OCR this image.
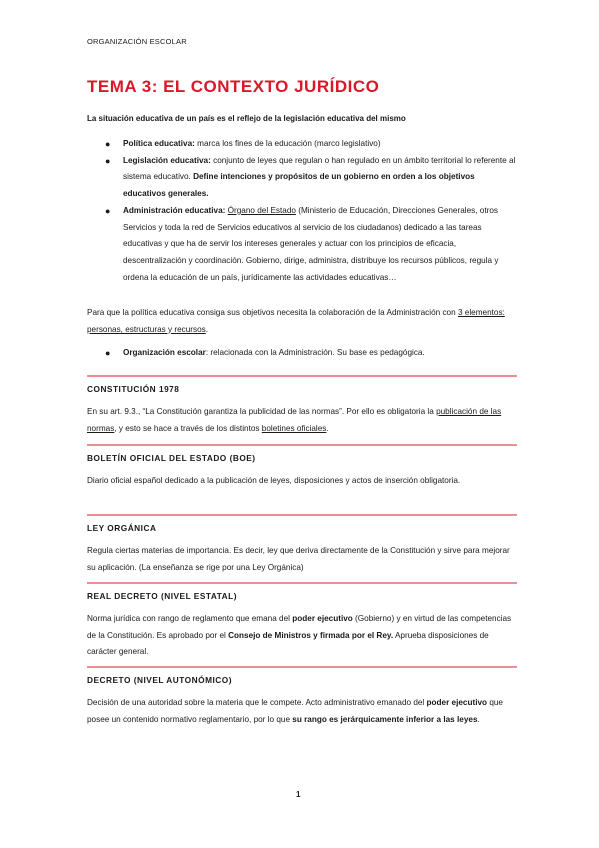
ORGANIZACIÓN ESCOLAR
TEMA 3: EL CONTEXTO JURÍDICO
La situación educativa de un país es el reflejo de la legislación educativa del mismo
● Política educativa: marca los fines de la educación (marco legislativo)
● Legislación educativa: conjunto de leyes que regulan o han regulado en un ámbito territorial lo referente al sistema educativo. Define intenciones y propósitos de un gobierno en orden a los objetivos educativos generales.
● Administración educativa: Órgano del Estado (Ministerio de Educación, Direcciones Generales, otros Servicios y toda la red de Servicios educativos al servicio de los ciudadanos) dedicado a las tareas educativas y que ha de servir los intereses generales y actuar con los principios de eficacia, descentralización y coordinación. Gobierno, dirige, administra, distribuye los recursos públicos, regula y ordena la educación de un país, jurídicamente las actividades educativas…
Para que la política educativa consiga sus objetivos necesita la colaboración de la Administración con 3 elementos: personas, estructuras y recursos.
● Organización escolar: relacionada con la Administración. Su base es pedagógica.
CONSTITUCIÓN 1978
En su art. 9.3., “La Constitución garantiza la publicidad de las normas”. Por ello es obligatoria la publicación de las normas, y esto se hace a través de los distintos boletines oficiales.
BOLETÍN OFICIAL DEL ESTADO (BOE)
Diario oficial español dedicado a la publicación de leyes, disposiciones y actos de inserción obligatoria.
LEY ORGÁNICA
Regula ciertas materias de importancia. Es decir, ley que deriva directamente de la Constitución y sirve para mejorar su aplicación. (La enseñanza se rige por una Ley Orgánica)
REAL DECRETO (NIVEL ESTATAL)
Norma jurídica con rango de reglamento que emana del poder ejecutivo (Gobierno) y en virtud de las competencias de la Constitución. Es aprobado por el Consejo de Ministros y firmada por el Rey. Aprueba disposiciones de carácter general.
DECRETO (NIVEL AUTONÓMICO)
Decisión de una autoridad sobre la materia que le compete. Acto administrativo emanado del poder ejecutivo que posee un contenido normativo reglamentario, por lo que su rango es jerárquicamente inferior a las leyes.
1
